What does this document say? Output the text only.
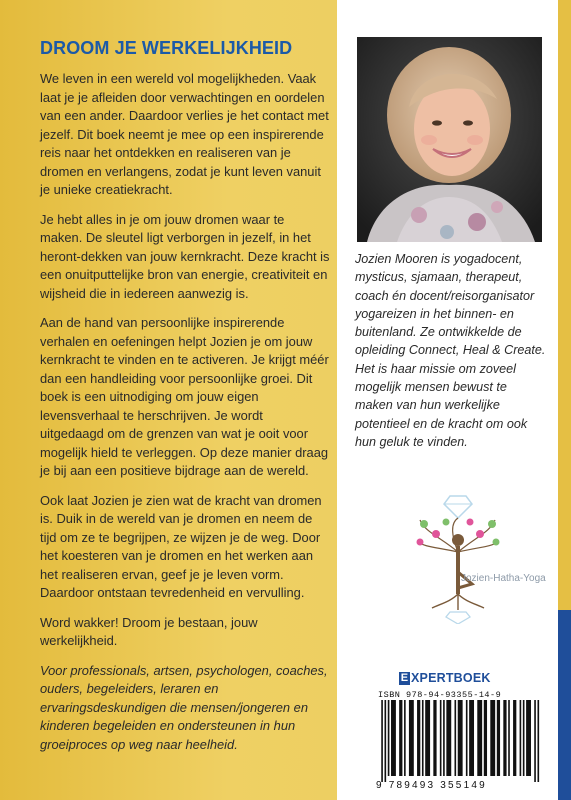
DROOM JE WERKELIJKHEID

We leven in een wereld vol mogelijkheden. Vaak laat je je afleiden door verwachtingen en oordelen van een ander. Daardoor verlies je het contact met jezelf. Dit boek neemt je mee op een inspirerende reis naar het ontdekken en realiseren van je dromen en verlangens, zodat je kunt leven vanuit je unieke creatiekracht.

Je hebt alles in je om jouw dromen waar te maken. De sleutel ligt verborgen in jezelf, in het heront-dekken van jouw kernkracht. Deze kracht is een onuitputtelijke bron van energie, creativiteit en wijsheid die in iedereen aanwezig is.

Aan de hand van persoonlijke inspirerende verhalen en oefeningen helpt Jozien je om jouw kernkracht te vinden en te activeren. Je krijgt méér dan een handleiding voor persoonlijke groei. Dit boek is een uitnodiging om jouw eigen levensverhaal te herschrijven. Je wordt uitgedaagd om de grenzen van wat je ooit voor mogelijk hield te verleggen. Op deze manier draag je bij aan een positieve bijdrage aan de wereld.

Ook laat Jozien je zien wat de kracht van dromen is. Duik in de wereld van je dromen en neem de tijd om ze te begrijpen, ze wijzen je de weg. Door het koesteren van je dromen en het werken aan het realiseren ervan, geef je je leven vorm. Daardoor ontstaan tevredenheid en vervulling.

Word wakker! Droom je bestaan, jouw werkelijkheid.

Voor professionals, artsen, psychologen, coaches, ouders, begeleiders, leraren en ervaringsdeskundigen die mensen/jongeren en kinderen begeleiden en ondersteunen in hun groeiproces op weg naar heelheid.

Jozien Mooren is yogadocent, mysticus, sjamaan, therapeut, coach én docent/reisorganisator yogareizen in het binnen- en buitenland. Ze ontwikkelde de opleiding Connect, Heal & Create. Het is haar missie om zoveel mogelijk mensen bewust te maken van hun werkelijke potentieel en de kracht om ook hun geluk te vinden.

Jozien-Hatha-Yoga
E XPERTBOEK
ISBN 978-94-93355-14-9
9 789493 355149
